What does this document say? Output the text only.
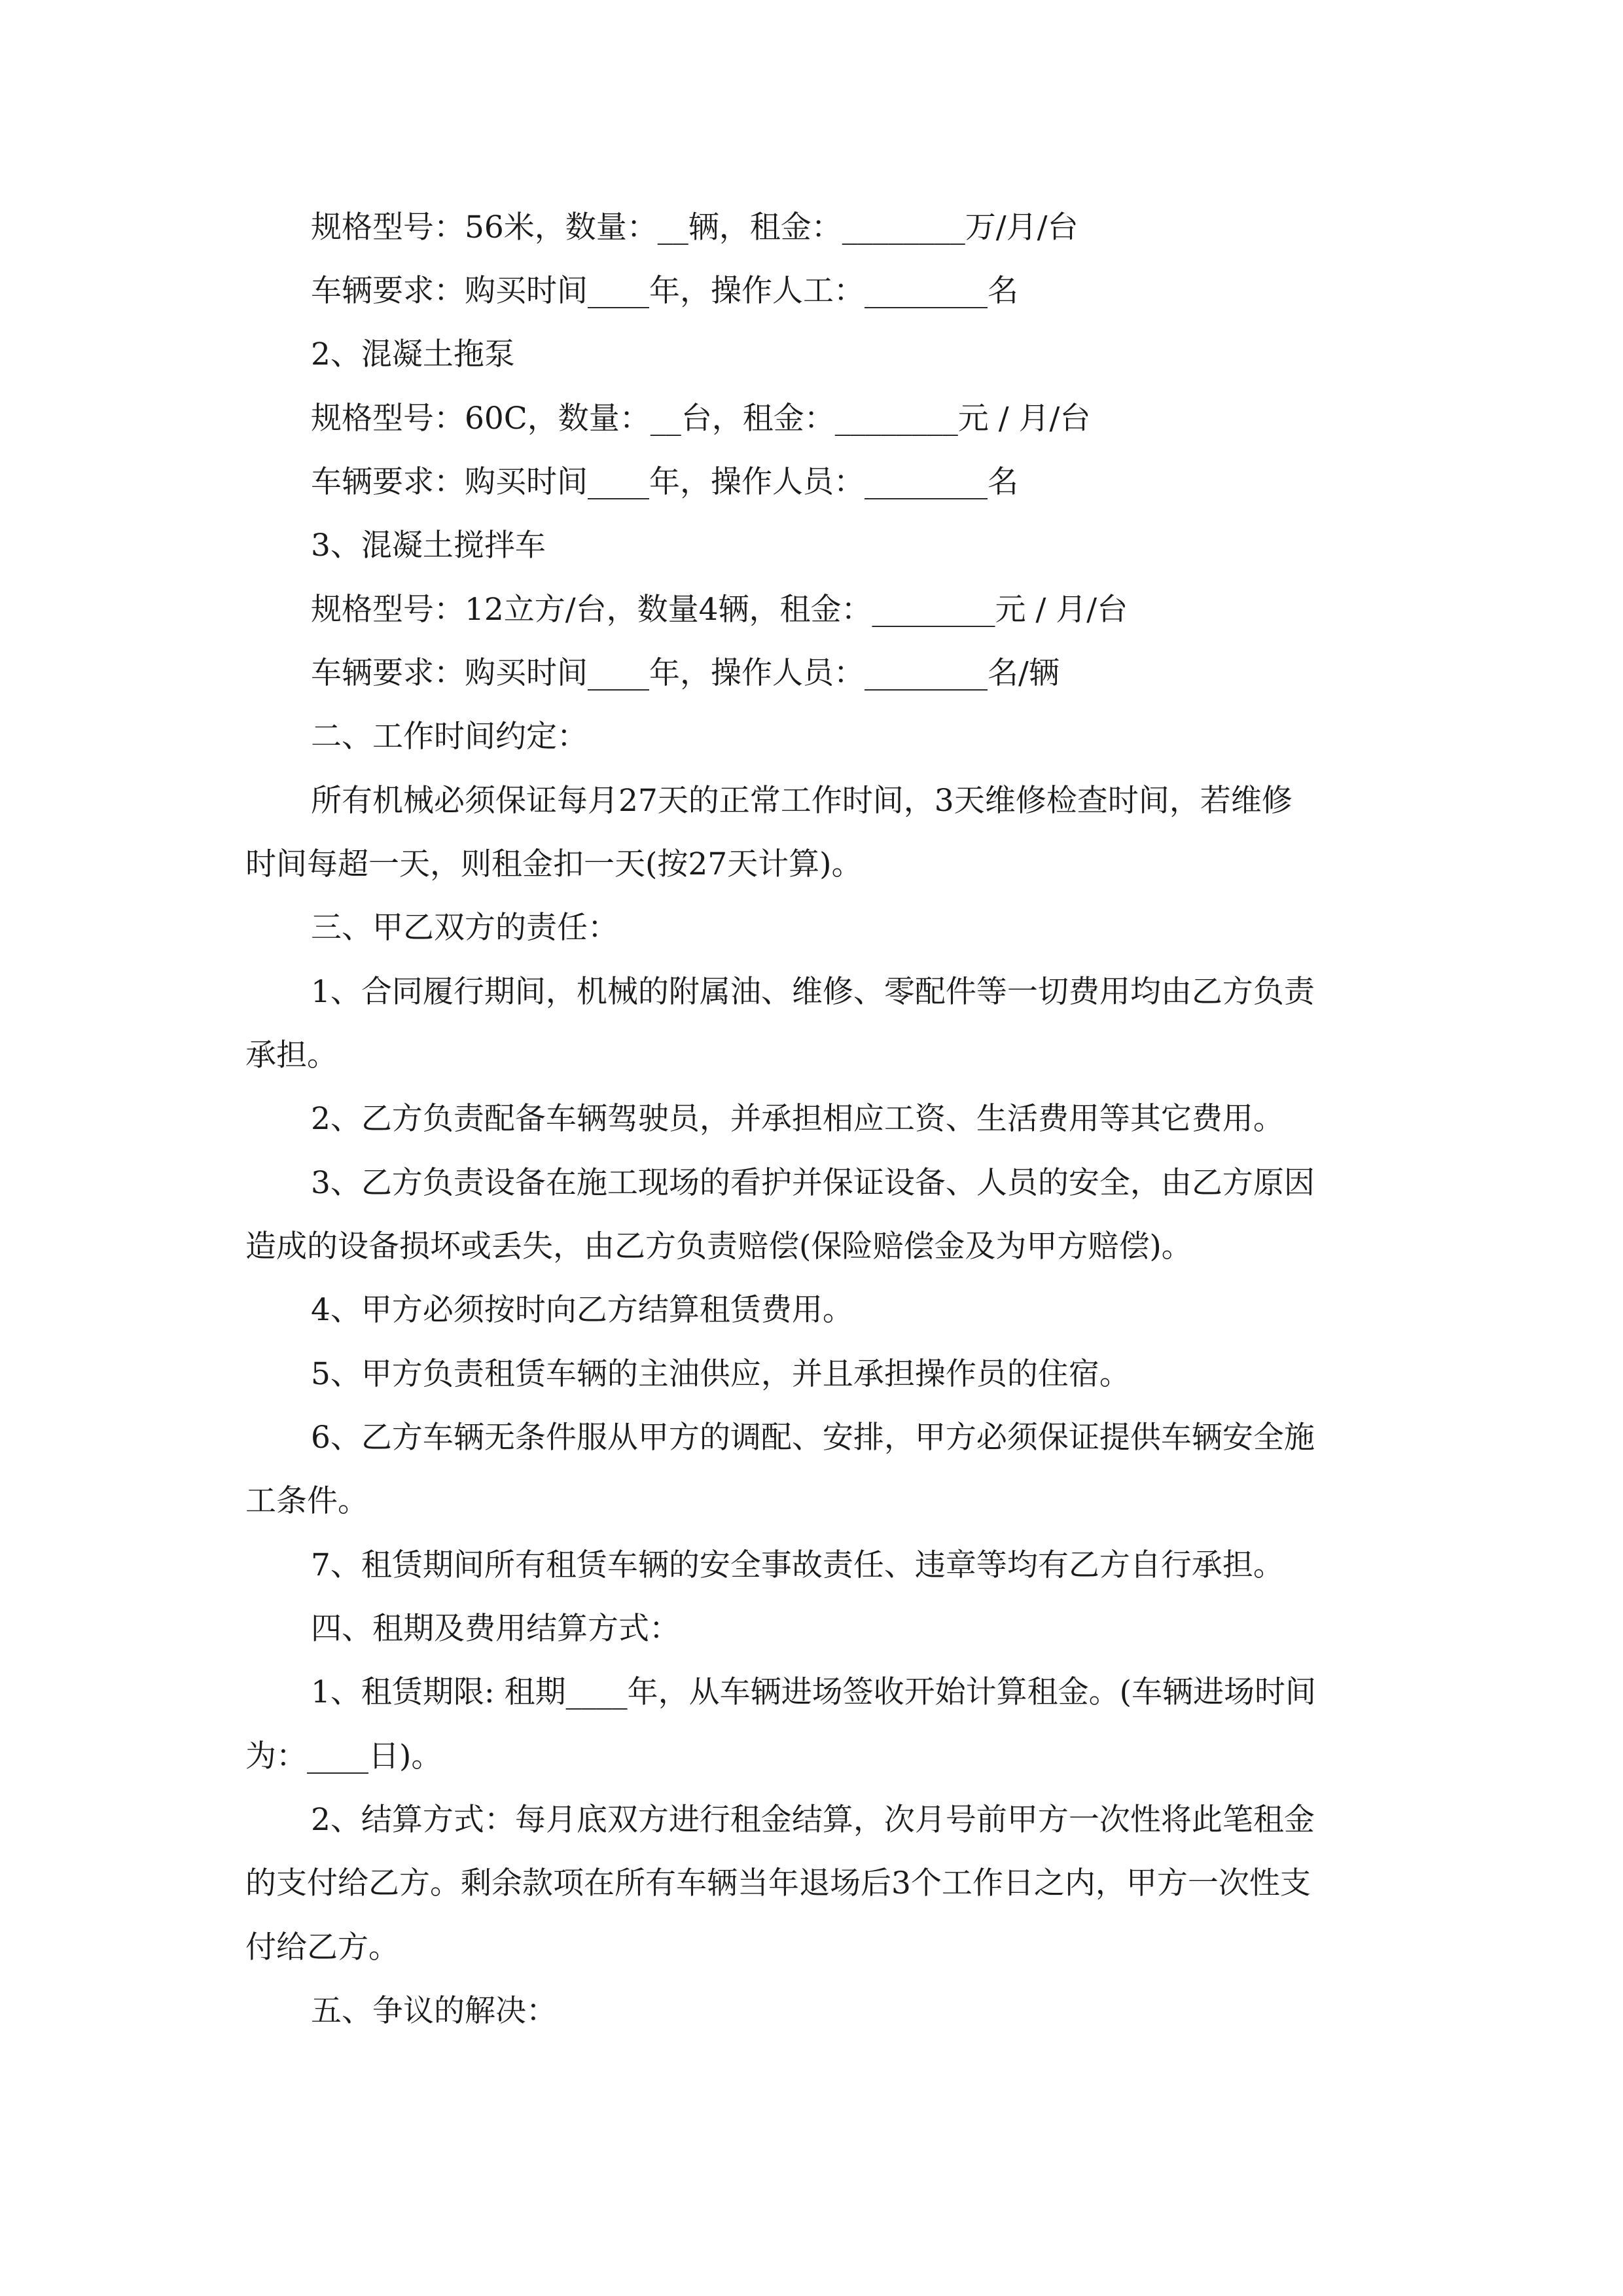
规格型号：56米，数量：__辆，租金：________万/月/台
车辆要求：购买时间____年，操作人工：________名
2、混凝土拖泵
规格型号：60C，数量：__台，租金：________元 / 月/台
车辆要求：购买时间____年，操作人员：________名
3、混凝土搅拌车
规格型号：12立方/台，数量4辆，租金：________元 / 月/台
车辆要求：购买时间____年，操作人员：________名/辆
二、工作时间约定：
所有机械必须保证每月27天的正常工作时间，3天维修检查时间，若维修
时间每超一天，则租金扣一天(按27天计算)。
三、甲乙双方的责任：
1、合同履行期间，机械的附属油、维修、零配件等一切费用均由乙方负责
承担。
2、乙方负责配备车辆驾驶员，并承担相应工资、生活费用等其它费用。
3、乙方负责设备在施工现场的看护并保证设备、人员的安全，由乙方原因
造成的设备损坏或丢失，由乙方负责赔偿(保险赔偿金及为甲方赔偿)。
4、甲方必须按时向乙方结算租赁费用。
5、甲方负责租赁车辆的主油供应，并且承担操作员的住宿。
6、乙方车辆无条件服从甲方的调配、安排，甲方必须保证提供车辆安全施
工条件。
7、租赁期间所有租赁车辆的安全事故责任、违章等均有乙方自行承担。
四、租期及费用结算方式：
1、租赁期限: 租期____年，从车辆进场签收开始计算租金。(车辆进场时间
为：____日)。
2、结算方式：每月底双方进行租金结算，次月号前甲方一次性将此笔租金
的支付给乙方。剩余款项在所有车辆当年退场后3个工作日之内，甲方一次性支
付给乙方。
五、争议的解决：
